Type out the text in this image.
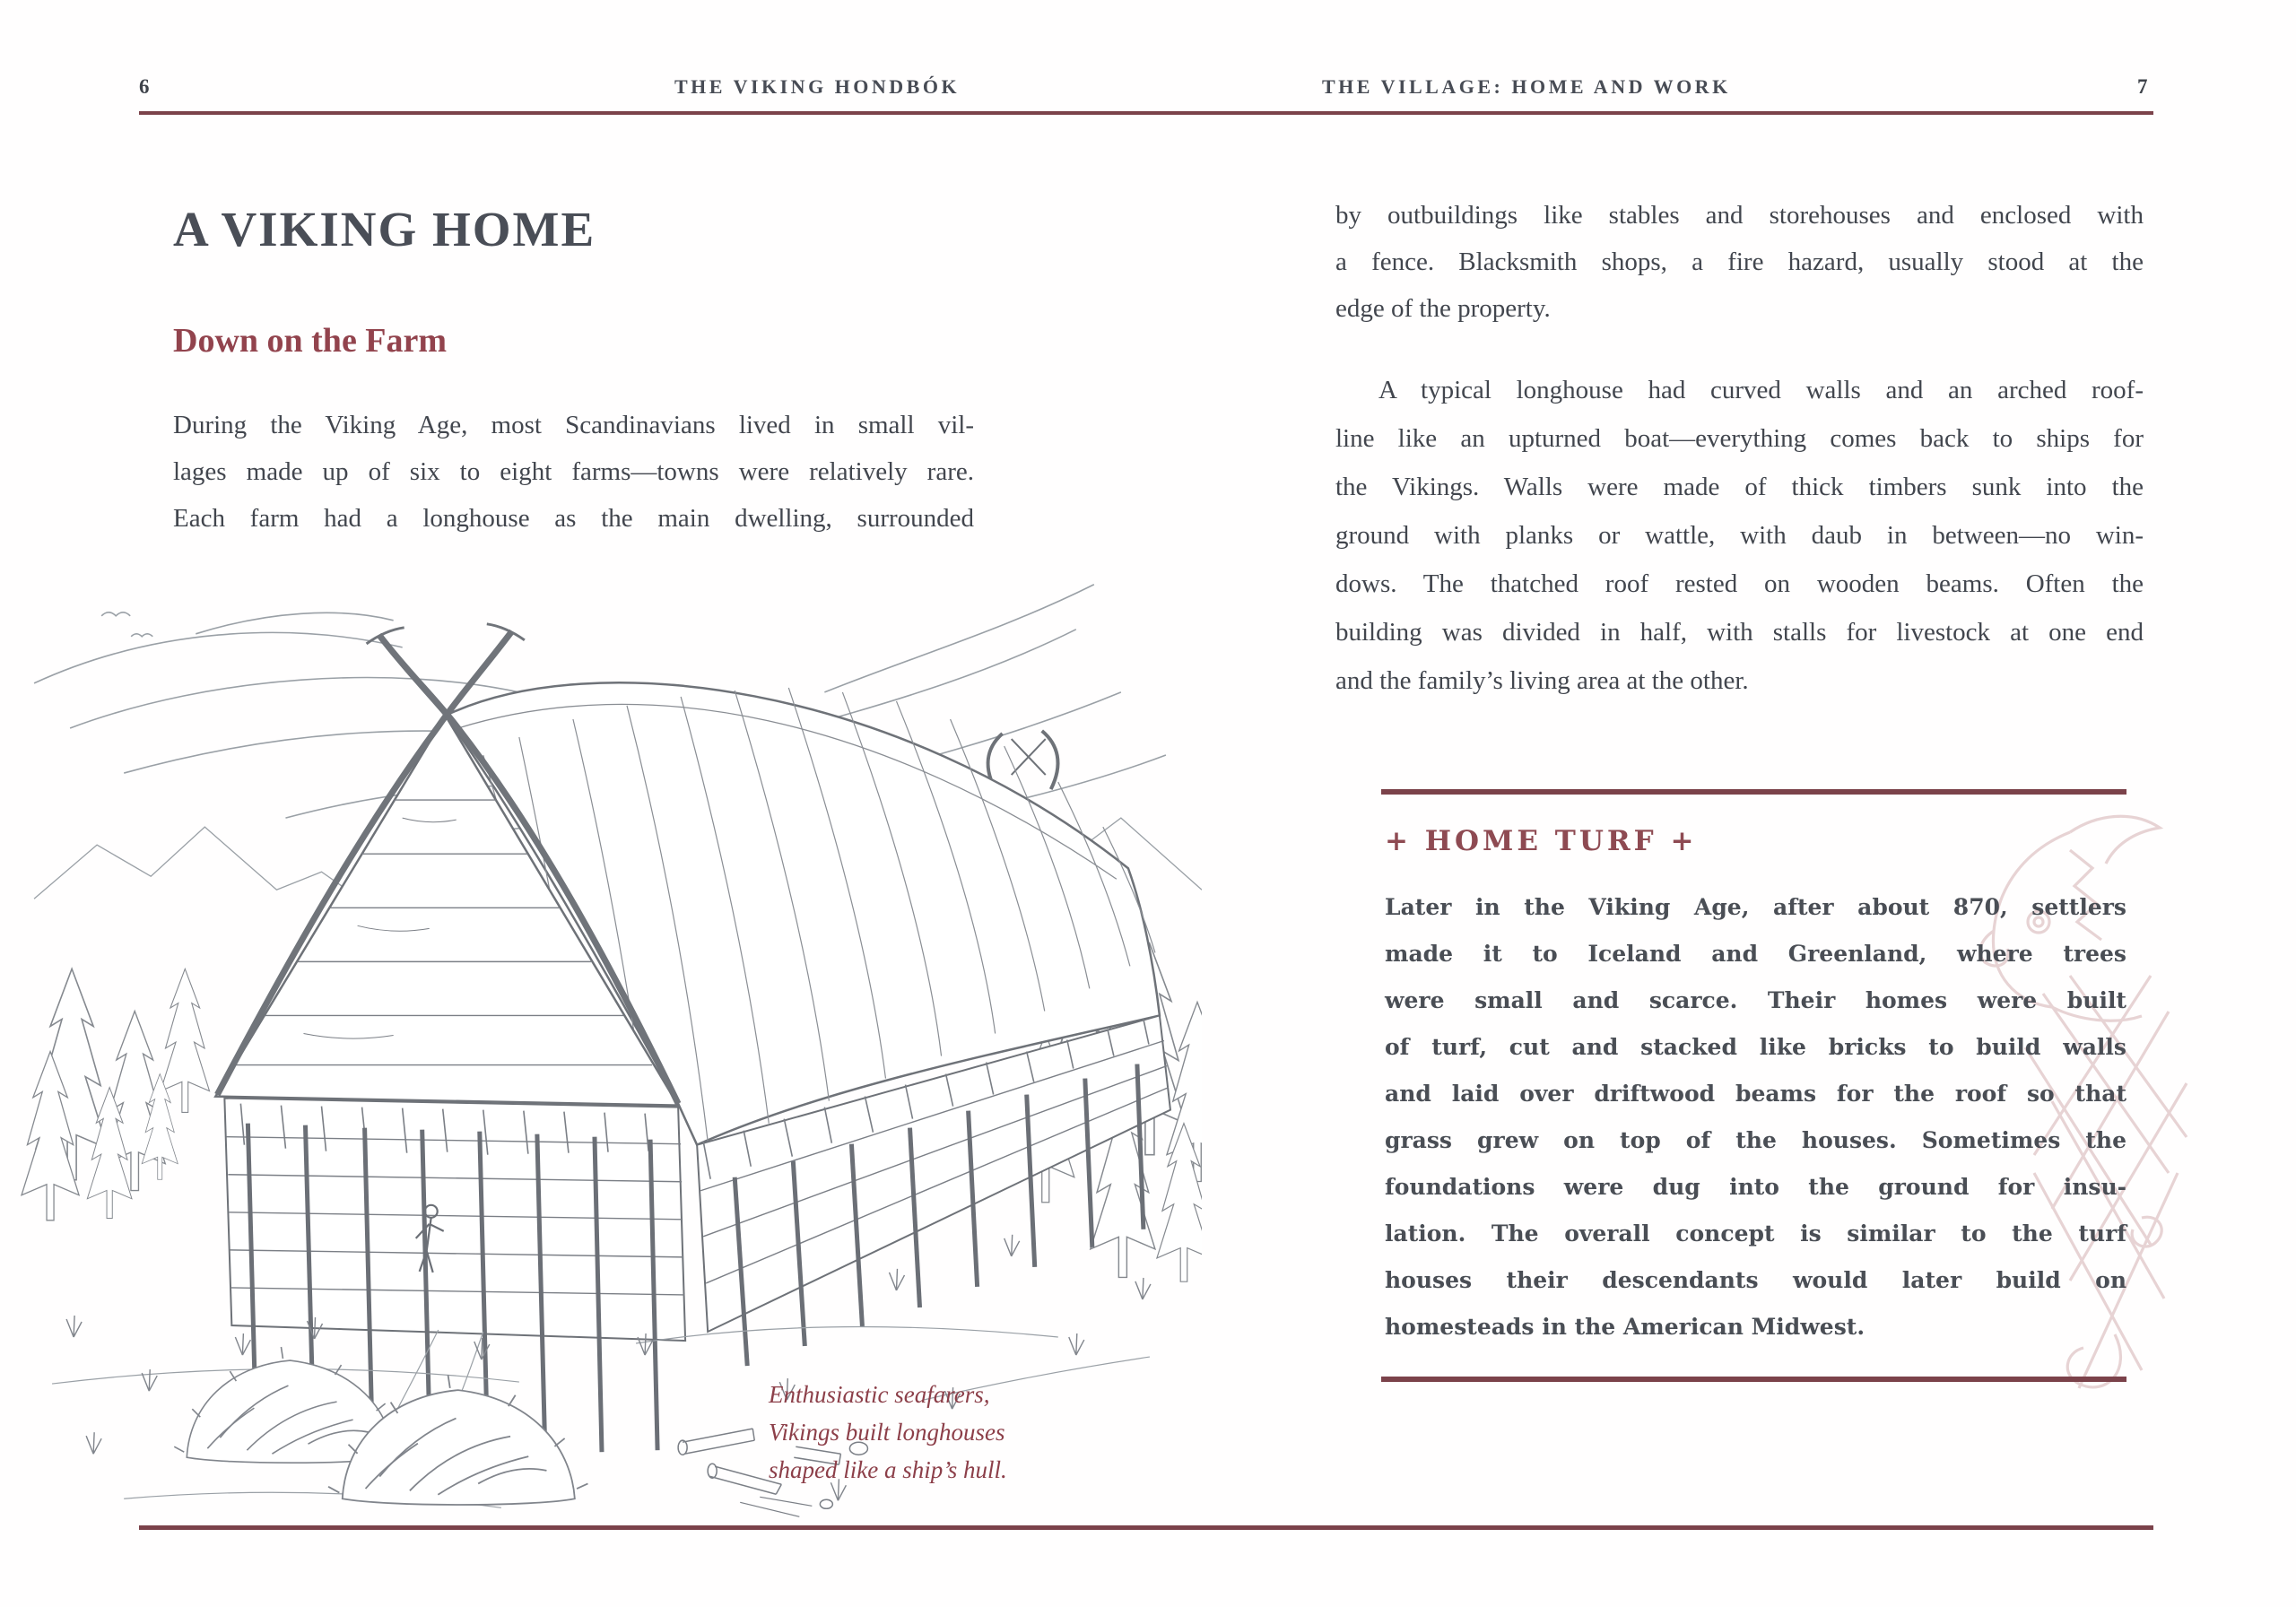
6	THE VIKING HONDBÓK	THE VILLAGE: HOME AND WORK	7
A VIKING HOME
Down on the Farm
During the Viking Age, most Scandinavians lived in small vil-
lages made up of six to eight farms—towns were relatively rare.
Each farm had a longhouse as the main dwelling, surrounded
Enthusiastic seafarers,
Vikings built longhouses
shaped like a ship’s hull.
by outbuildings like stables and storehouses and enclosed with
a fence. Blacksmith shops, a fire hazard, usually stood at the
edge of the property.
A typical longhouse had curved walls and an arched roof-
line like an upturned boat—everything comes back to ships for
the Vikings. Walls were made of thick timbers sunk into the
ground with planks or wattle, with daub in between—no win-
dows. The thatched roof rested on wooden beams. Often the
building was divided in half, with stalls for livestock at one end
and the family’s living area at the other.
+ HOME TURF +
Later in the Viking Age, after about 870, settlers
made it to Iceland and Greenland, where trees
were small and scarce. Their homes were built
of turf, cut and stacked like bricks to build walls
and laid over driftwood beams for the roof so that
grass grew on top of the houses. Sometimes the
foundations were dug into the ground for insu-
lation. The overall concept is similar to the turf
houses their descendants would later build on
homesteads in the American Midwest.
